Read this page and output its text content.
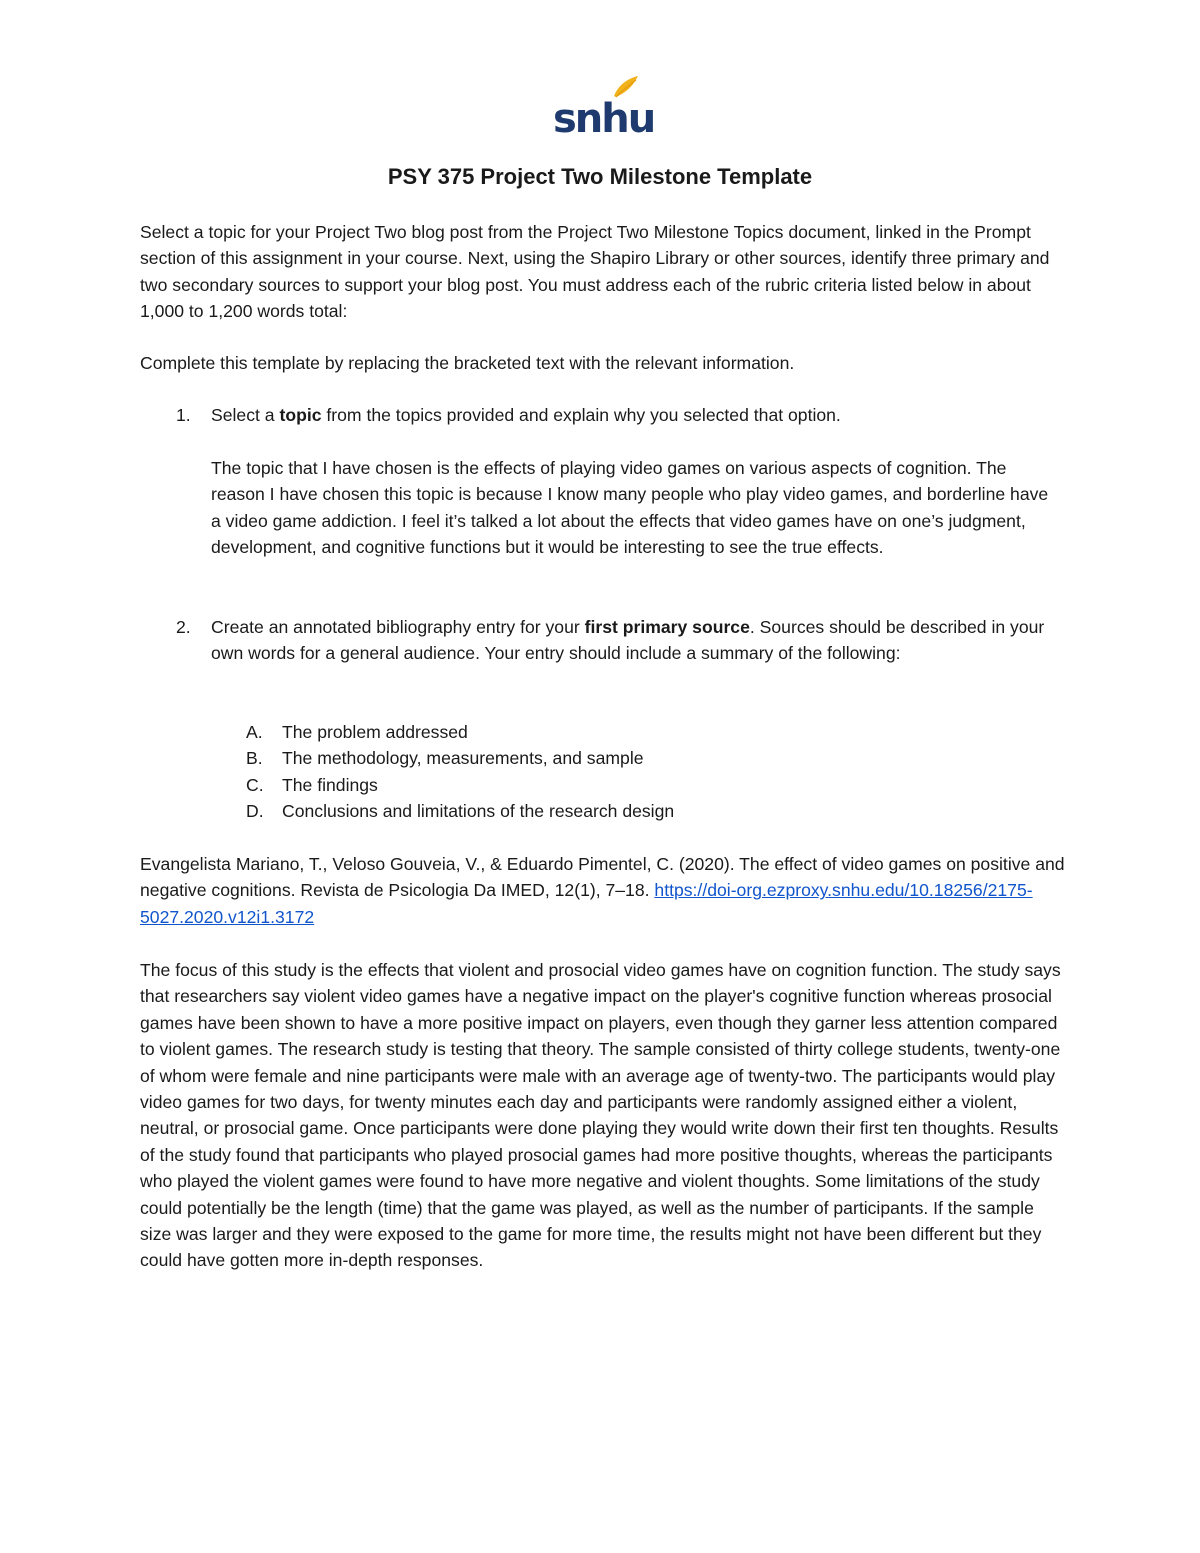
snhu
PSY 375 Project Two Milestone Template

Select a topic for your Project Two blog post from the Project Two Milestone Topics document, linked in the Prompt section of this assignment in your course. Next, using the Shapiro Library or other sources, identify three primary and two secondary sources to support your blog post. You must address each of the rubric criteria listed below in about 1,000 to 1,200 words total:

Complete this template by replacing the bracketed text with the relevant information.

1. Select a topic from the topics provided and explain why you selected that option.

The topic that I have chosen is the effects of playing video games on various aspects of cognition. The reason I have chosen this topic is because I know many people who play video games, and borderline have a video game addiction. I feel it’s talked a lot about the effects that video games have on one’s judgment, development, and cognitive functions but it would be interesting to see the true effects.

2. Create an annotated bibliography entry for your first primary source. Sources should be described in your own words for a general audience. Your entry should include a summary of the following:

A. The problem addressed
B. The methodology, measurements, and sample
C. The findings
D. Conclusions and limitations of the research design

Evangelista Mariano, T., Veloso Gouveia, V., & Eduardo Pimentel, C. (2020). The effect of video games on positive and negative cognitions. Revista de Psicologia Da IMED, 12(1), 7–18. https://doi-org.ezproxy.snhu.edu/10.18256/2175-5027.2020.v12i1.3172

The focus of this study is the effects that violent and prosocial video games have on cognition function. The study says that researchers say violent video games have a negative impact on the player's cognitive function whereas prosocial games have been shown to have a more positive impact on players, even though they garner less attention compared to violent games. The research study is testing that theory. The sample consisted of thirty college students, twenty-one of whom were female and nine participants were male with an average age of twenty-two. The participants would play video games for two days, for twenty minutes each day and participants were randomly assigned either a violent, neutral, or prosocial game. Once participants were done playing they would write down their first ten thoughts. Results of the study found that participants who played prosocial games had more positive thoughts, whereas the participants who played the violent games were found to have more negative and violent thoughts. Some limitations of the study could potentially be the length (time) that the game was played, as well as the number of participants. If the sample size was larger and they were exposed to the game for more time, the results might not have been different but they could have gotten more in-depth responses.
